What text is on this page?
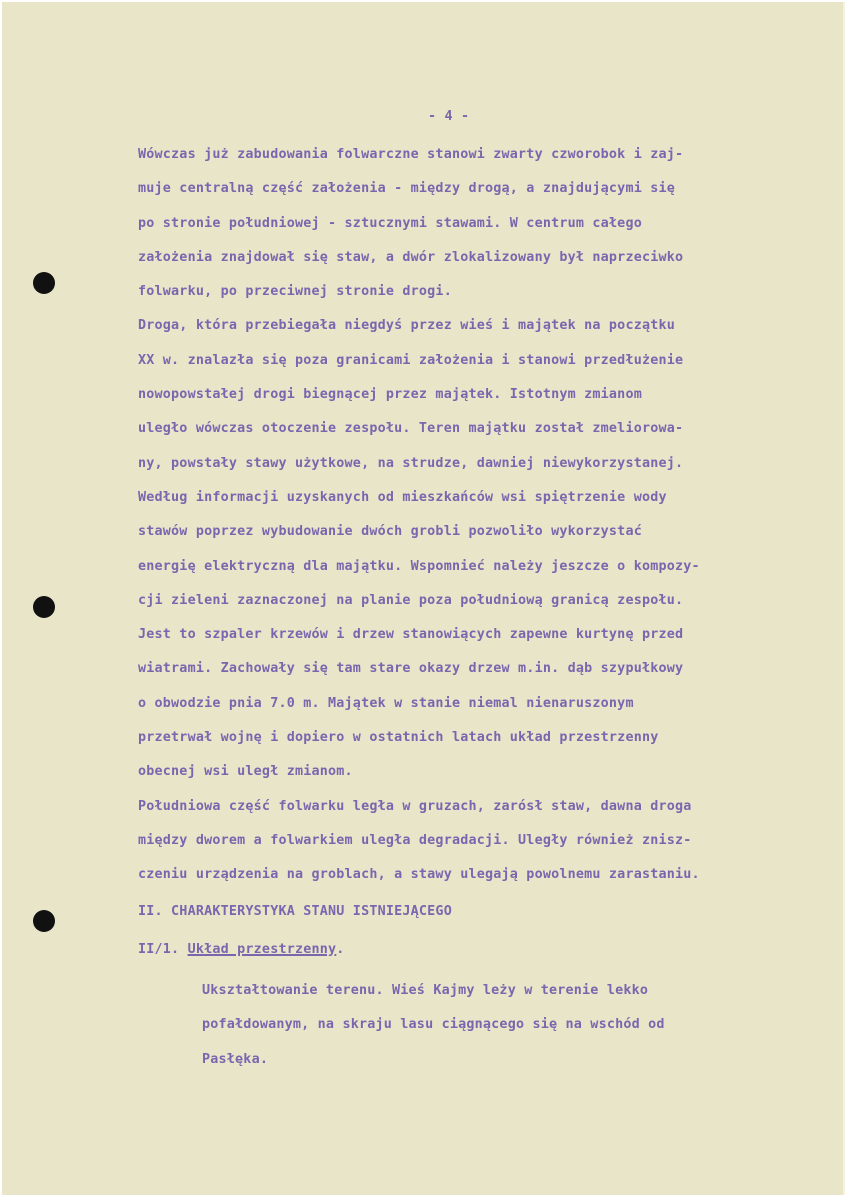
- 4 -
Wówczas już zabudowania folwarczne stanowi zwarty czworobok i zaj-
muje centralną część założenia - między drogą, a znajdującymi się
po stronie południowej - sztucznymi stawami. W centrum całego
założenia znajdował się staw, a dwór zlokalizowany był naprzeciwko
folwarku, po przeciwnej stronie drogi.
Droga, która przebiegała niegdyś przez wieś i majątek na początku
XX w. znalazła się poza granicami założenia i stanowi przedłużenie
nowopowstałej drogi biegnącej przez majątek. Istotnym zmianom
uległo wówczas otoczenie zespołu. Teren majątku został zmeliorowa-
ny, powstały stawy użytkowe, na strudze, dawniej niewykorzystanej.
Według informacji uzyskanych od mieszkańców wsi spiętrzenie wody
stawów poprzez wybudowanie dwóch grobli pozwoliło wykorzystać
energię elektryczną dla majątku. Wspomnieć należy jeszcze o kompozy-
cji zieleni zaznaczonej na planie poza południową granicą zespołu.
Jest to szpaler krzewów i drzew stanowiących zapewne kurtynę przed
wiatrami. Zachowały się tam stare okazy drzew m.in. dąb szypułkowy
o obwodzie pnia 7.0 m. Majątek w stanie niemal nienaruszonym
przetrwał wojnę i dopiero w ostatnich latach układ przestrzenny
obecnej wsi uległ zmianom.
Południowa część folwarku legła w gruzach, zarósł staw, dawna droga
między dworem a folwarkiem uległa degradacji. Uległy również znisz-
czeniu urządzenia na groblach, a stawy ulegają powolnemu zarastaniu.
II. CHARAKTERYSTYKA STANU ISTNIEJĄCEGO
II/1. Układ przestrzenny.
Ukształtowanie terenu. Wieś Kajmy leży w terenie lekko
pofałdowanym, na skraju lasu ciągnącego się na wschód od
Pasłęka.
